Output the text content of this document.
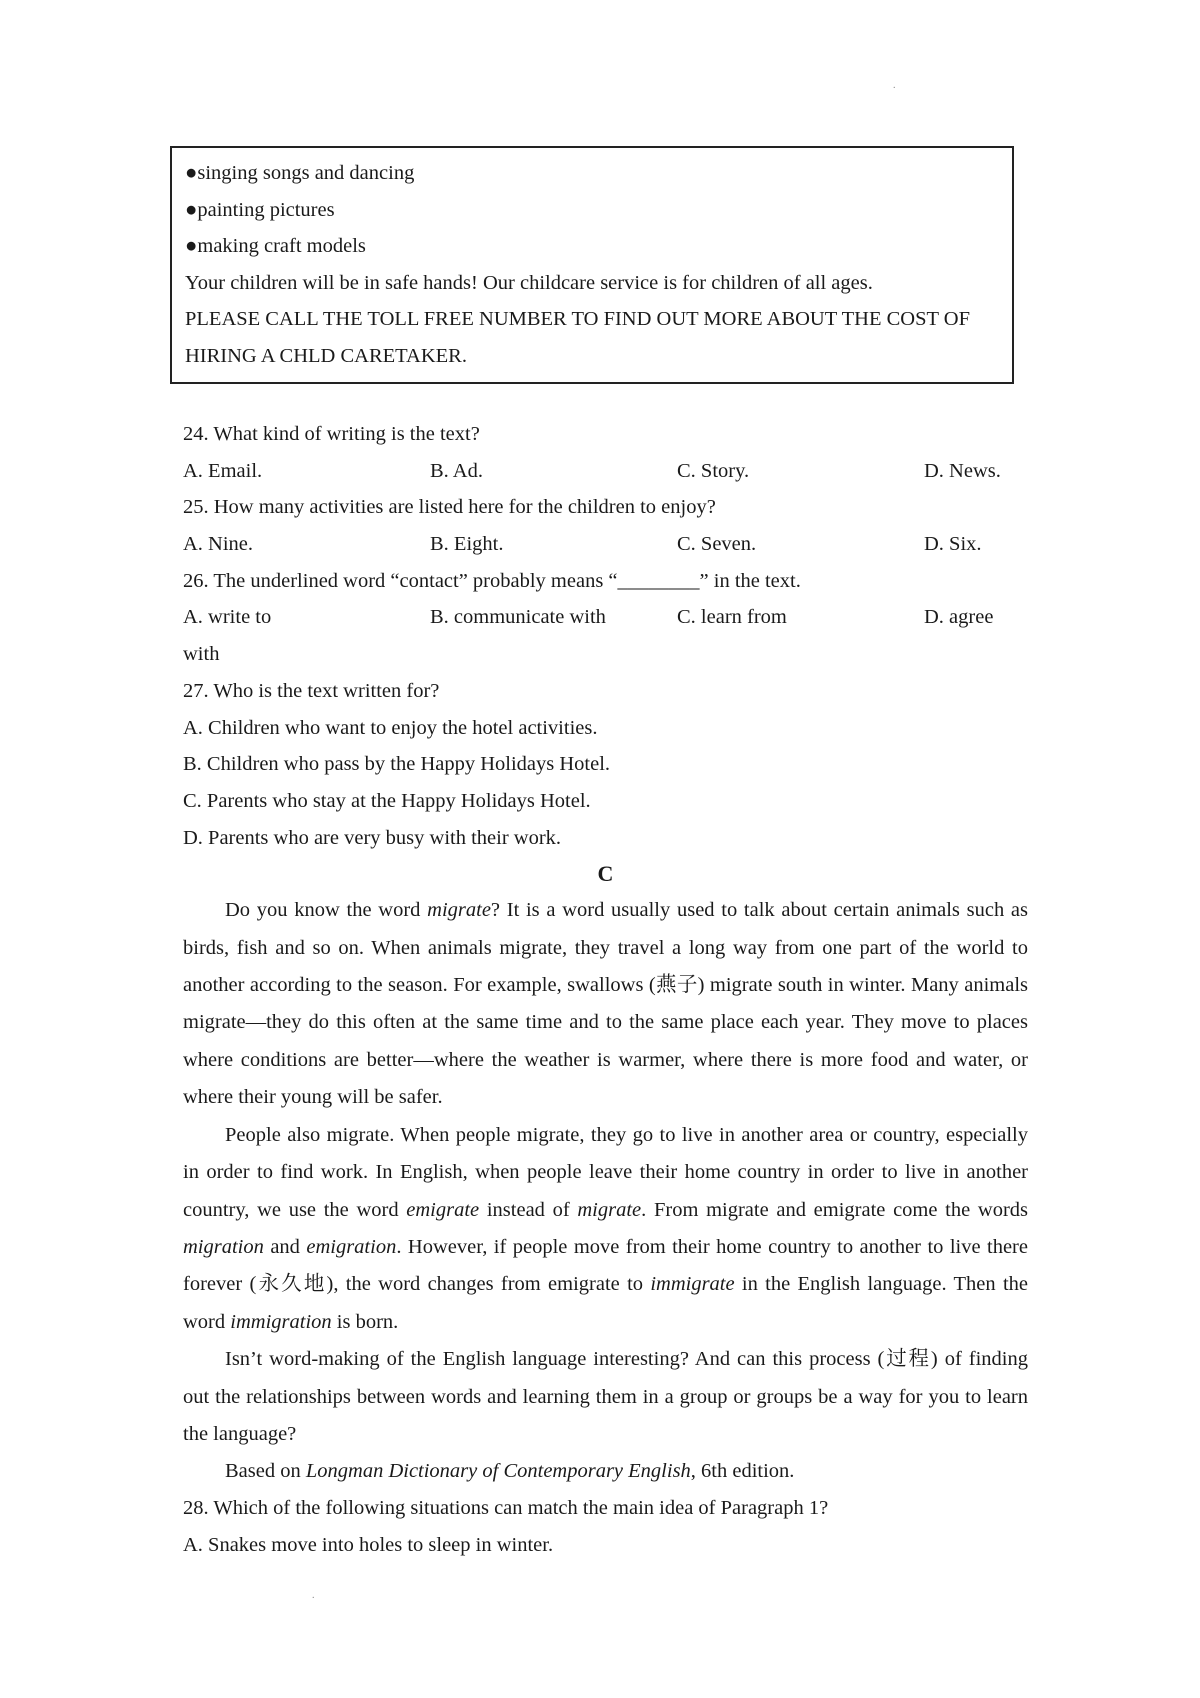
.
.
●singing songs and dancing
●painting pictures
●making craft models
Your children will be in safe hands! Our childcare service is for children of all ages.
PLEASE CALL THE TOLL FREE NUMBER TO FIND OUT MORE ABOUT THE COST OF
HIRING A CHLD CARETAKER.
24. What kind of writing is the text?
A. Email.	B. Ad.	C. Story.	D. News.
25. How many activities are listed here for the children to enjoy?
A. Nine.	B. Eight.	C. Seven.	D. Six.
26. The underlined word “contact” probably means “________” in the text.
A. write to	B. communicate with	C. learn from	D. agree
with
27. Who is the text written for?
A. Children who want to enjoy the hotel activities.
B. Children who pass by the Happy Holidays Hotel.
C. Parents who stay at the Happy Holidays Hotel.
D. Parents who are very busy with their work.
C

Do you know the word migrate? It is a word usually used to talk about certain animals such as birds, fish and so on. When animals migrate, they travel a long way from one part of the world to another according to the season. For example, swallows (燕子) migrate south in winter. Many animals migrate—they do this often at the same time and to the same place each year. They move to places where conditions are better—where the weather is warmer, where there is more food and water, or where their young will be safer.

People also migrate. When people migrate, they go to live in another area or country, especially in order to find work. In English, when people leave their home country in order to live in another country, we use the word emigrate instead of migrate. From migrate and emigrate come the words migration and emigration. However, if people move from their home country to another to live there forever (永久地), the word changes from emigrate to immigrate in the English language. Then the word immigration is born.

Isn’t word-making of the English language interesting? And can this process (过程) of finding out the relationships between words and learning them in a group or groups be a way for you to learn the language?

Based on Longman Dictionary of Contemporary English, 6th edition.
28. Which of the following situations can match the main idea of Paragraph 1?
A. Snakes move into holes to sleep in winter.
